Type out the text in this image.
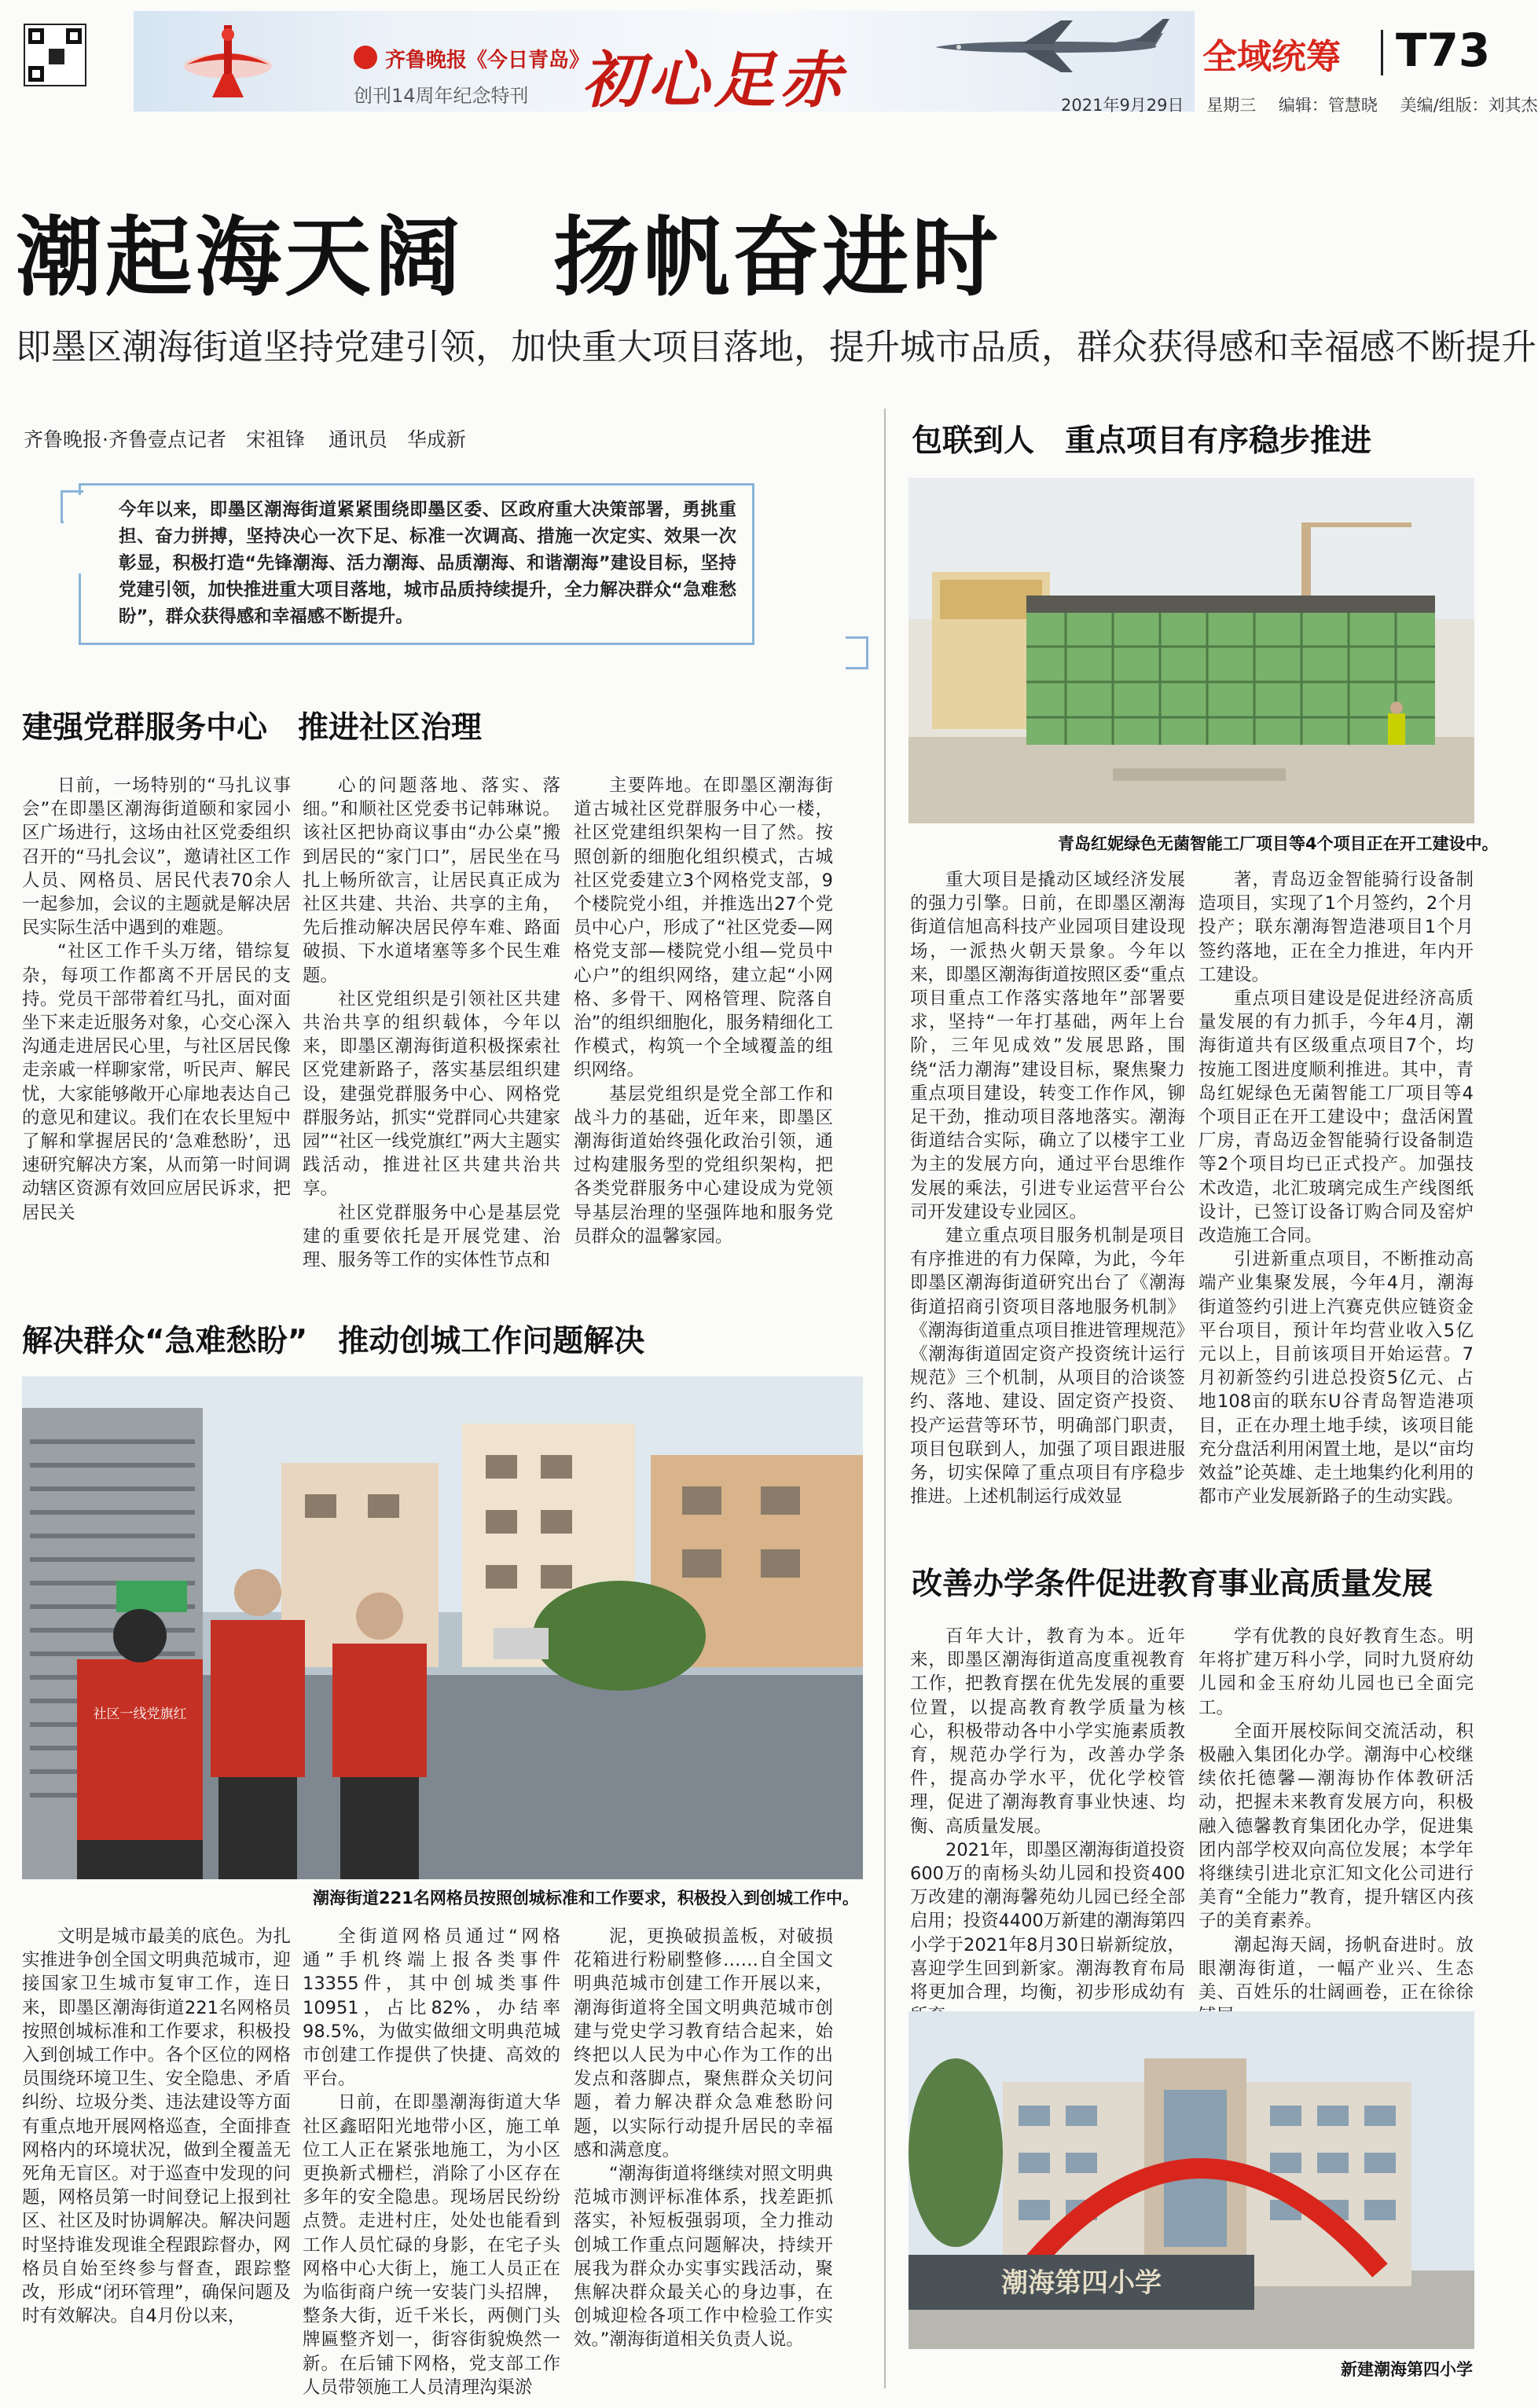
齐鲁晚报《今日青岛》
创刊14周年纪念特刊 初心足赤	全域统筹 T73
2021年9月29日 星期三 编辑：管慧晓 美编/组版：刘其杰
潮起海天阔　扬帆奋进时
即墨区潮海街道坚持党建引领，加快重大项目落地，提升城市品质，群众获得感和幸福感不断提升
齐鲁晚报·齐鲁壹点记者　宋祖锋 通讯员　华成新
今年以来，即墨区潮海街道紧紧围绕即墨区委、区政府重大决策部署，勇挑重担、奋力拼搏，坚持决心一次下足、标准一次调高、措施一次定实、效果一次彰显，积极打造“先锋潮海、活力潮海、品质潮海、和谐潮海”建设目标，坚持党建引领，加快推进重大项目落地，城市品质持续提升，全力解决群众“急难愁盼”，群众获得感和幸福感不断提升。
建强党群服务中心　推进社区治理

日前，一场特别的“马扎议事会”在即墨区潮海街道颐和家园小区广场进行，这场由社区党委组织召开的“马扎会议”，邀请社区工作人员、网格员、居民代表70余人一起参加，会议的主题就是解决居民实际生活中遇到的难题。

“社区工作千头万绪，错综复杂，每项工作都离不开居民的支持。党员干部带着红马扎，面对面坐下来走近服务对象，心交心深入沟通走进居民心里，与社区居民像走亲戚一样聊家常，听民声、解民忧，大家能够敞开心扉地表达自己的意见和建议。我们在农长里短中了解和掌握居民的‘急难愁盼’，迅速研究解决方案，从而第一时间调动辖区资源有效回应居民诉求，把居民关

心的问题落地、落实、落细。”和顺社区党委书记韩琳说。该社区把协商议事由“办公桌”搬到居民的“家门口”，居民坐在马扎上畅所欲言，让居民真正成为社区共建、共治、共享的主角，先后推动解决居民停车难、路面破损、下水道堵塞等多个民生难题。

社区党组织是引领社区共建共治共享的组织载体，今年以来，即墨区潮海街道积极探索社区党建新路子，落实基层组织建设，建强党群服务中心、网格党群服务站，抓实“党群同心共建家园”“社区一线党旗红”两大主题实践活动，推进社区共建共治共享。

社区党群服务中心是基层党建的重要依托是开展党建、治理、服务等工作的实体性节点和

主要阵地。在即墨区潮海街道古城社区党群服务中心一楼，社区党建组织架构一目了然。按照创新的细胞化组织模式，古城社区党委建立3个网格党支部，9个楼院党小组，并推选出27个党员中心户，形成了“社区党委—网格党支部—楼院党小组—党员中心户”的组织网络，建立起“小网格、多骨干、网格管理、院落自治”的组织细胞化，服务精细化工作模式，构筑一个全域覆盖的组织网络。

基层党组织是党全部工作和战斗力的基础，近年来，即墨区潮海街道始终强化政治引领，通过构建服务型的党组织架构，把各类党群服务中心建设成为党领导基层治理的坚强阵地和服务党员群众的温馨家园。

解决群众“急难愁盼”　推动创城工作问题解决
社区一线党旗红
潮海街道221名网格员按照创城标准和工作要求，积极投入到创城工作中。

文明是城市最美的底色。为扎实推进争创全国文明典范城市，迎接国家卫生城市复审工作，连日来，即墨区潮海街道221名网格员按照创城标准和工作要求，积极投入到创城工作中。各个区位的网格员围绕环境卫生、安全隐患、矛盾纠纷、垃圾分类、违法建设等方面有重点地开展网格巡查，全面排查网格内的环境状况，做到全覆盖无死角无盲区。对于巡查中发现的问题，网格员第一时间登记上报到社区、社区及时协调解决。解决问题时坚持谁发现谁全程跟踪督办，网格员自始至终参与督查，跟踪整改，形成“闭环管理”，确保问题及时有效解决。自4月份以来，

全街道网格员通过“网格通”手机终端上报各类事件13355件，其中创城类事件10951，占比82%，办结率98.5%，为做实做细文明典范城市创建工作提供了快捷、高效的平台。

日前，在即墨潮海街道大华社区鑫昭阳光地带小区，施工单位工人正在紧张地施工，为小区更换新式栅栏，消除了小区存在多年的安全隐患。现场居民纷纷点赞。走进村庄，处处也能看到工作人员忙碌的身影，在宅子头网格中心大街上，施工人员正在为临街商户统一安装门头招牌，整条大街，近千米长，两侧门头牌匾整齐划一，街容街貌焕然一新。在后铺下网格，党支部工作人员带领施工人员清理沟渠淤

泥，更换破损盖板，对破损花箱进行粉刷整修……自全国文明典范城市创建工作开展以来，潮海街道将全国文明典范城市创建与党史学习教育结合起来，始终把以人民为中心作为工作的出发点和落脚点，聚焦群众关切问题，着力解决群众急难愁盼问题，以实际行动提升居民的幸福感和满意度。

“潮海街道将继续对照文明典范城市测评标准体系，找差距抓落实，补短板强弱项，全力推动创城工作重点问题解决，持续开展我为群众办实事实践活动，聚焦解决群众最关心的身边事，在创城迎检各项工作中检验工作实效。”潮海街道相关负责人说。

包联到人　重点项目有序稳步推进
青岛红妮绿色无菌智能工厂项目等4个项目正在开工建设中。

重大项目是撬动区域经济发展的强力引擎。日前，在即墨区潮海街道信旭高科技产业园项目建设现场，一派热火朝天景象。今年以来，即墨区潮海街道按照区委“重点项目重点工作落实落地年”部署要求，坚持“一年打基础，两年上台阶，三年见成效”发展思路，围绕“活力潮海”建设目标，聚焦聚力重点项目建设，转变工作作风，铆足干劲，推动项目落地落实。潮海街道结合实际，确立了以楼宇工业为主的发展方向，通过平台思维作发展的乘法，引进专业运营平台公司开发建设专业园区。

建立重点项目服务机制是项目有序推进的有力保障，为此，今年即墨区潮海街道研究出台了《潮海街道招商引资项目落地服务机制》《潮海街道重点项目推进管理规范》《潮海街道固定资产投资统计运行规范》三个机制，从项目的洽谈签约、落地、建设、固定资产投资、投产运营等环节，明确部门职责，项目包联到人，加强了项目跟进服务，切实保障了重点项目有序稳步推进。上述机制运行成效显

著，青岛迈金智能骑行设备制造项目，实现了1个月签约，2个月投产；联东潮海智造港项目1个月签约落地，正在全力推进，年内开工建设。

重点项目建设是促进经济高质量发展的有力抓手，今年4月，潮海街道共有区级重点项目7个，均按施工图进度顺利推进。其中，青岛红妮绿色无菌智能工厂项目等4个项目正在开工建设中；盘活闲置厂房，青岛迈金智能骑行设备制造等2个项目均已正式投产。加强技术改造，北汇玻璃完成生产线图纸设计，已签订设备订购合同及窑炉改造施工合同。

引进新重点项目，不断推动高端产业集聚发展，今年4月，潮海街道签约引进上汽赛克供应链资金平台项目，预计年均营业收入5亿元以上，目前该项目开始运营。7月初新签约引进总投资5亿元、占地108亩的联东U谷青岛智造港项目，正在办理土地手续，该项目能充分盘活利用闲置土地，是以“亩均效益”论英雄、走土地集约化利用的都市产业发展新路子的生动实践。

改善办学条件促进教育事业高质量发展

百年大计，教育为本。近年来，即墨区潮海街道高度重视教育工作，把教育摆在优先发展的重要位置，以提高教育教学质量为核心，积极带动各中小学实施素质教育，规范办学行为，改善办学条件，提高办学水平，优化学校管理，促进了潮海教育事业快速、均衡、高质量发展。

2021年，即墨区潮海街道投资600万的南杨头幼儿园和投资400万改建的潮海馨苑幼儿园已经全部启用；投资4400万新建的潮海第四小学于2021年8月30日崭新绽放，喜迎学生回到新家。潮海教育布局将更加合理，均衡，初步形成幼有

学有优教的良好教育生态。明年将扩建万科小学，同时九贤府幼儿园和金玉府幼儿园也已全面完工。

全面开展校际间交流活动，积极融入集团化办学。潮海中心校继续依托德馨—潮海协作体教研活动，把握未来教育发展方向，积极融入德馨教育集团化办学，促进集团内部学校双向高位发展；本学年将继续引进北京汇知文化公司进行美育“全能力”教育，提升辖区内孩子的美育素养。

潮起海天阔，扬帆奋进时。放眼潮海街道，一幅产业兴、生态美、百姓乐的壮阔画卷，正在徐徐

潮海第四小学
新建潮海第四小学
